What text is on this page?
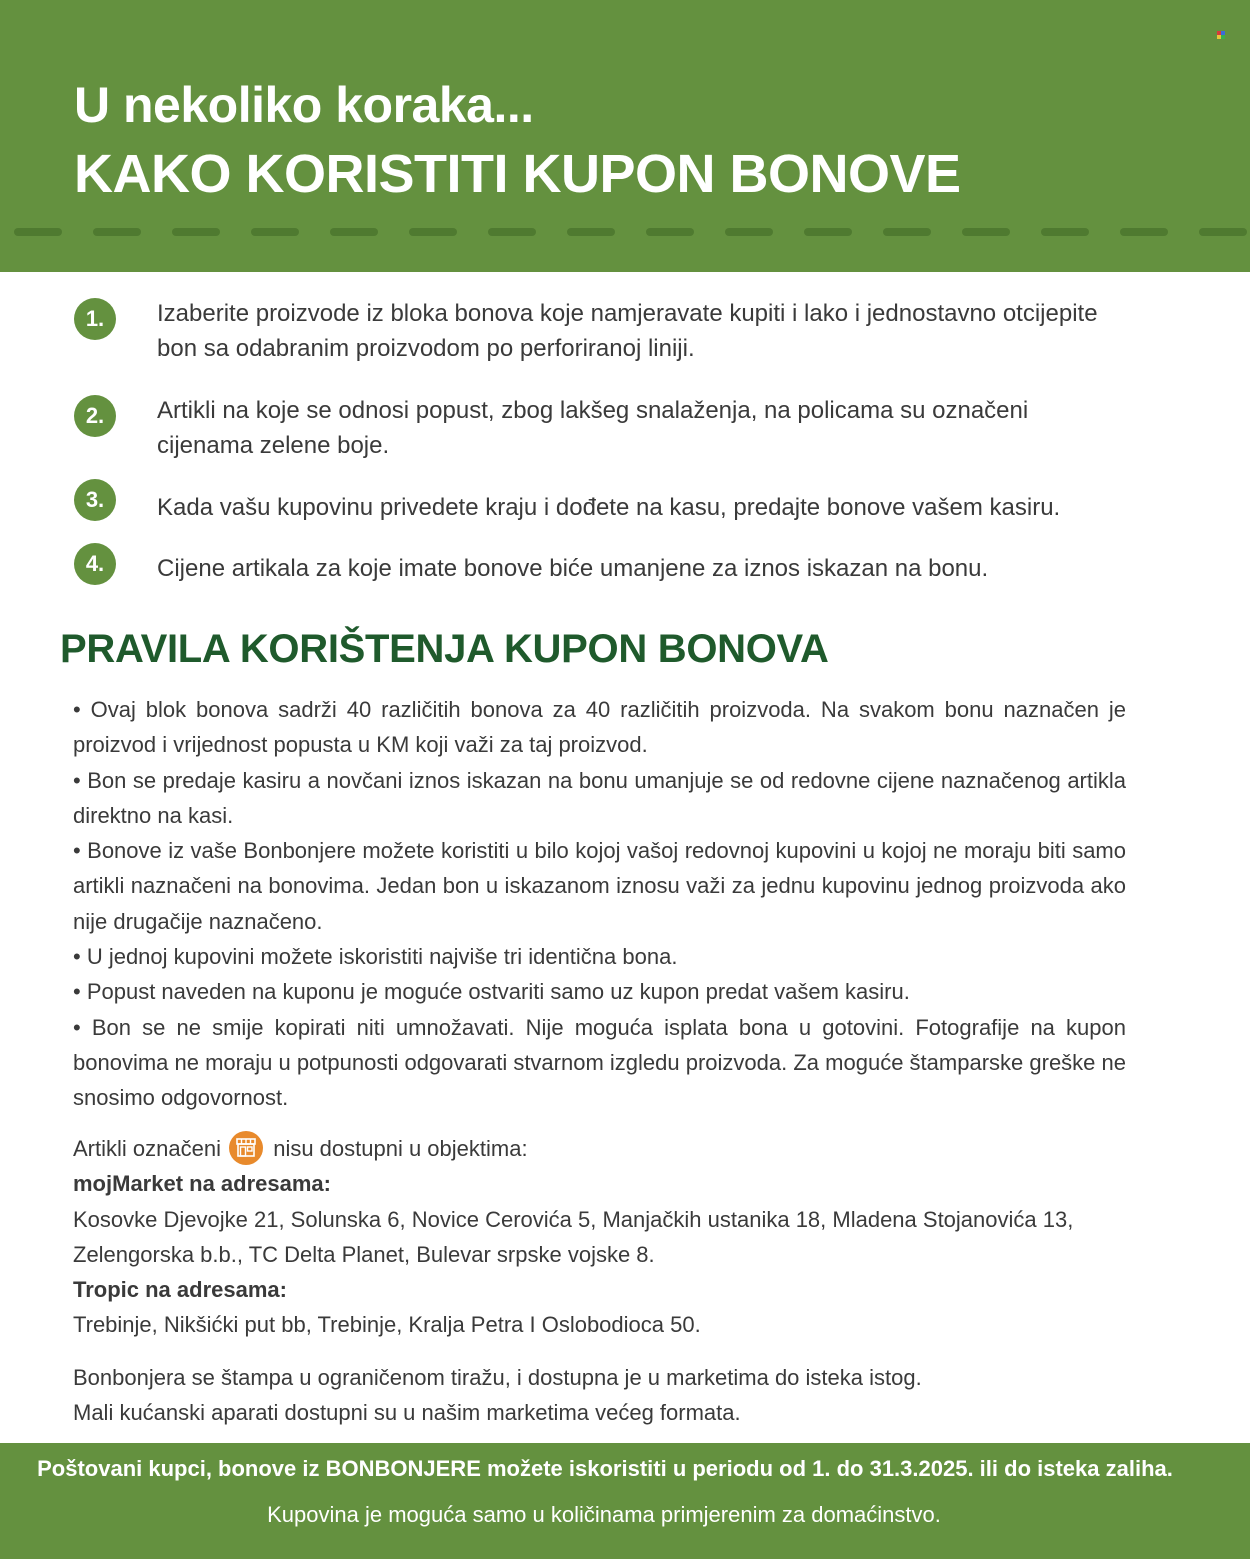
U nekoliko koraka...
KAKO KORISTITI KUPON BONOVE
1.	Izaberite proizvode iz bloka bonova koje namjeravate kupiti i lako i jednostavno otcijepite bon sa odabranim proizvodom po perforiranoj liniji.
2.	Artikli na koje se odnosi popust, zbog lakšeg snalaženja, na policama su označeni cijenama zelene boje.
3.	Kada vašu kupovinu privedete kraju i dođete na kasu, predajte bonove vašem kasiru.
4.	Cijene artikala za koje imate bonove biće umanjene za iznos iskazan na bonu.
PRAVILA KORIŠTENJA KUPON BONOVA

• Ovaj blok bonova sadrži 40 različitih bonova za 40 različitih proizvoda. Na svakom bonu naznačen je proizvod i vrijednost popusta u KM koji važi za taj proizvod.

• Bon se predaje kasiru a novčani iznos iskazan na bonu umanjuje se od redovne cijene naznačenog artikla direktno na kasi.

• Bonove iz vaše Bonbonjere možete koristiti u bilo kojoj vašoj redovnoj kupovini u kojoj ne moraju biti samo artikli naznačeni na bonovima. Jedan bon u iskazanom iznosu važi za jednu kupovinu jednog proizvoda ako nije drugačije naznačeno.

• U jednoj kupovini možete iskoristiti najviše tri identična bona.

• Popust naveden na kuponu je moguće ostvariti samo uz kupon predat vašem kasiru.

• Bon se ne smije kopirati niti umnožavati. Nije moguća isplata bona u gotovini. Fotografije na kupon bonovima ne moraju u potpunosti odgovarati stvarnom izgledu proizvoda. Za moguće štamparske greške ne snosimo odgovornost.

Artikli označeni nisu dostupni u objektima:
mojMarket na adresama:
Kosovke Djevojke 21, Solunska 6, Novice Cerovića 5, Manjačkih ustanika 18, Mladena Stojanovića 13, Zelengorska b.b., TC Delta Planet, Bulevar srpske vojske 8.
Tropic na adresama:
Trebinje, Nikšićki put bb, Trebinje, Kralja Petra I Oslobodioca 50.
Bonbonjera se štampa u ograničenom tiražu, i dostupna je u marketima do isteka istog.
Mali kućanski aparati dostupni su u našim marketima većeg formata.
Poštovani kupci, bonove iz BONBONJERE možete iskoristiti u periodu od 1. do 31.3.2025. ili do isteka zaliha.
Kupovina je moguća samo u količinama primjerenim za domaćinstvo.
